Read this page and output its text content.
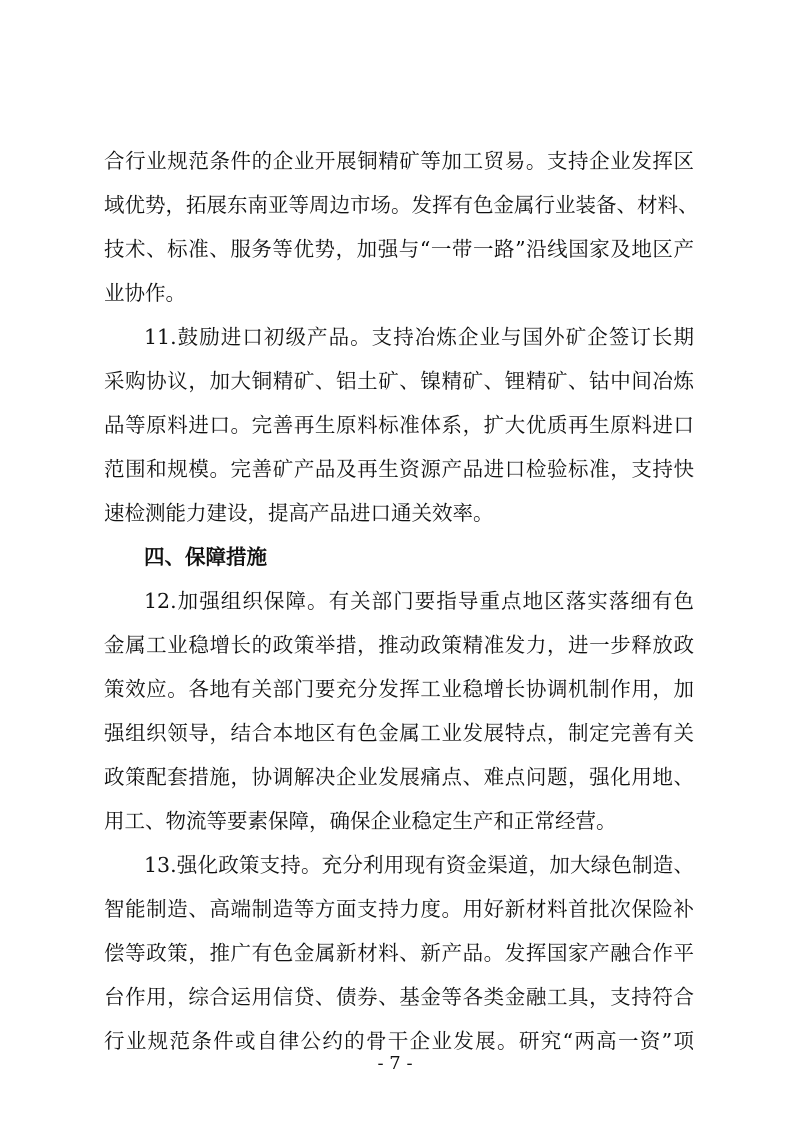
合行业规范条件的企业开展铜精矿等加工贸易。支持企业发挥区
域优势，拓展东南亚等周边市场。发挥有色金属行业装备、材料、
技术、标准、服务等优势，加强与“一带一路”沿线国家及地区产
业协作。
11.鼓励进口初级产品。支持冶炼企业与国外矿企签订长期
采购协议，加大铜精矿、铝土矿、镍精矿、锂精矿、钴中间冶炼
品等原料进口。完善再生原料标准体系，扩大优质再生原料进口
范围和规模。完善矿产品及再生资源产品进口检验标准，支持快
速检测能力建设，提高产品进口通关效率。
四、保障措施
12.加强组织保障。有关部门要指导重点地区落实落细有色
金属工业稳增长的政策举措，推动政策精准发力，进一步释放政
策效应。各地有关部门要充分发挥工业稳增长协调机制作用，加
强组织领导，结合本地区有色金属工业发展特点，制定完善有关
政策配套措施，协调解决企业发展痛点、难点问题，强化用地、
用工、物流等要素保障，确保企业稳定生产和正常经营。
13.强化政策支持。充分利用现有资金渠道，加大绿色制造、
智能制造、高端制造等方面支持力度。用好新材料首批次保险补
偿等政策，推广有色金属新材料、新产品。发挥国家产融合作平
台作用，综合运用信贷、债券、基金等各类金融工具，支持符合
行业规范条件或自律公约的骨干企业发展。研究“两高一资”项
- 7 -
